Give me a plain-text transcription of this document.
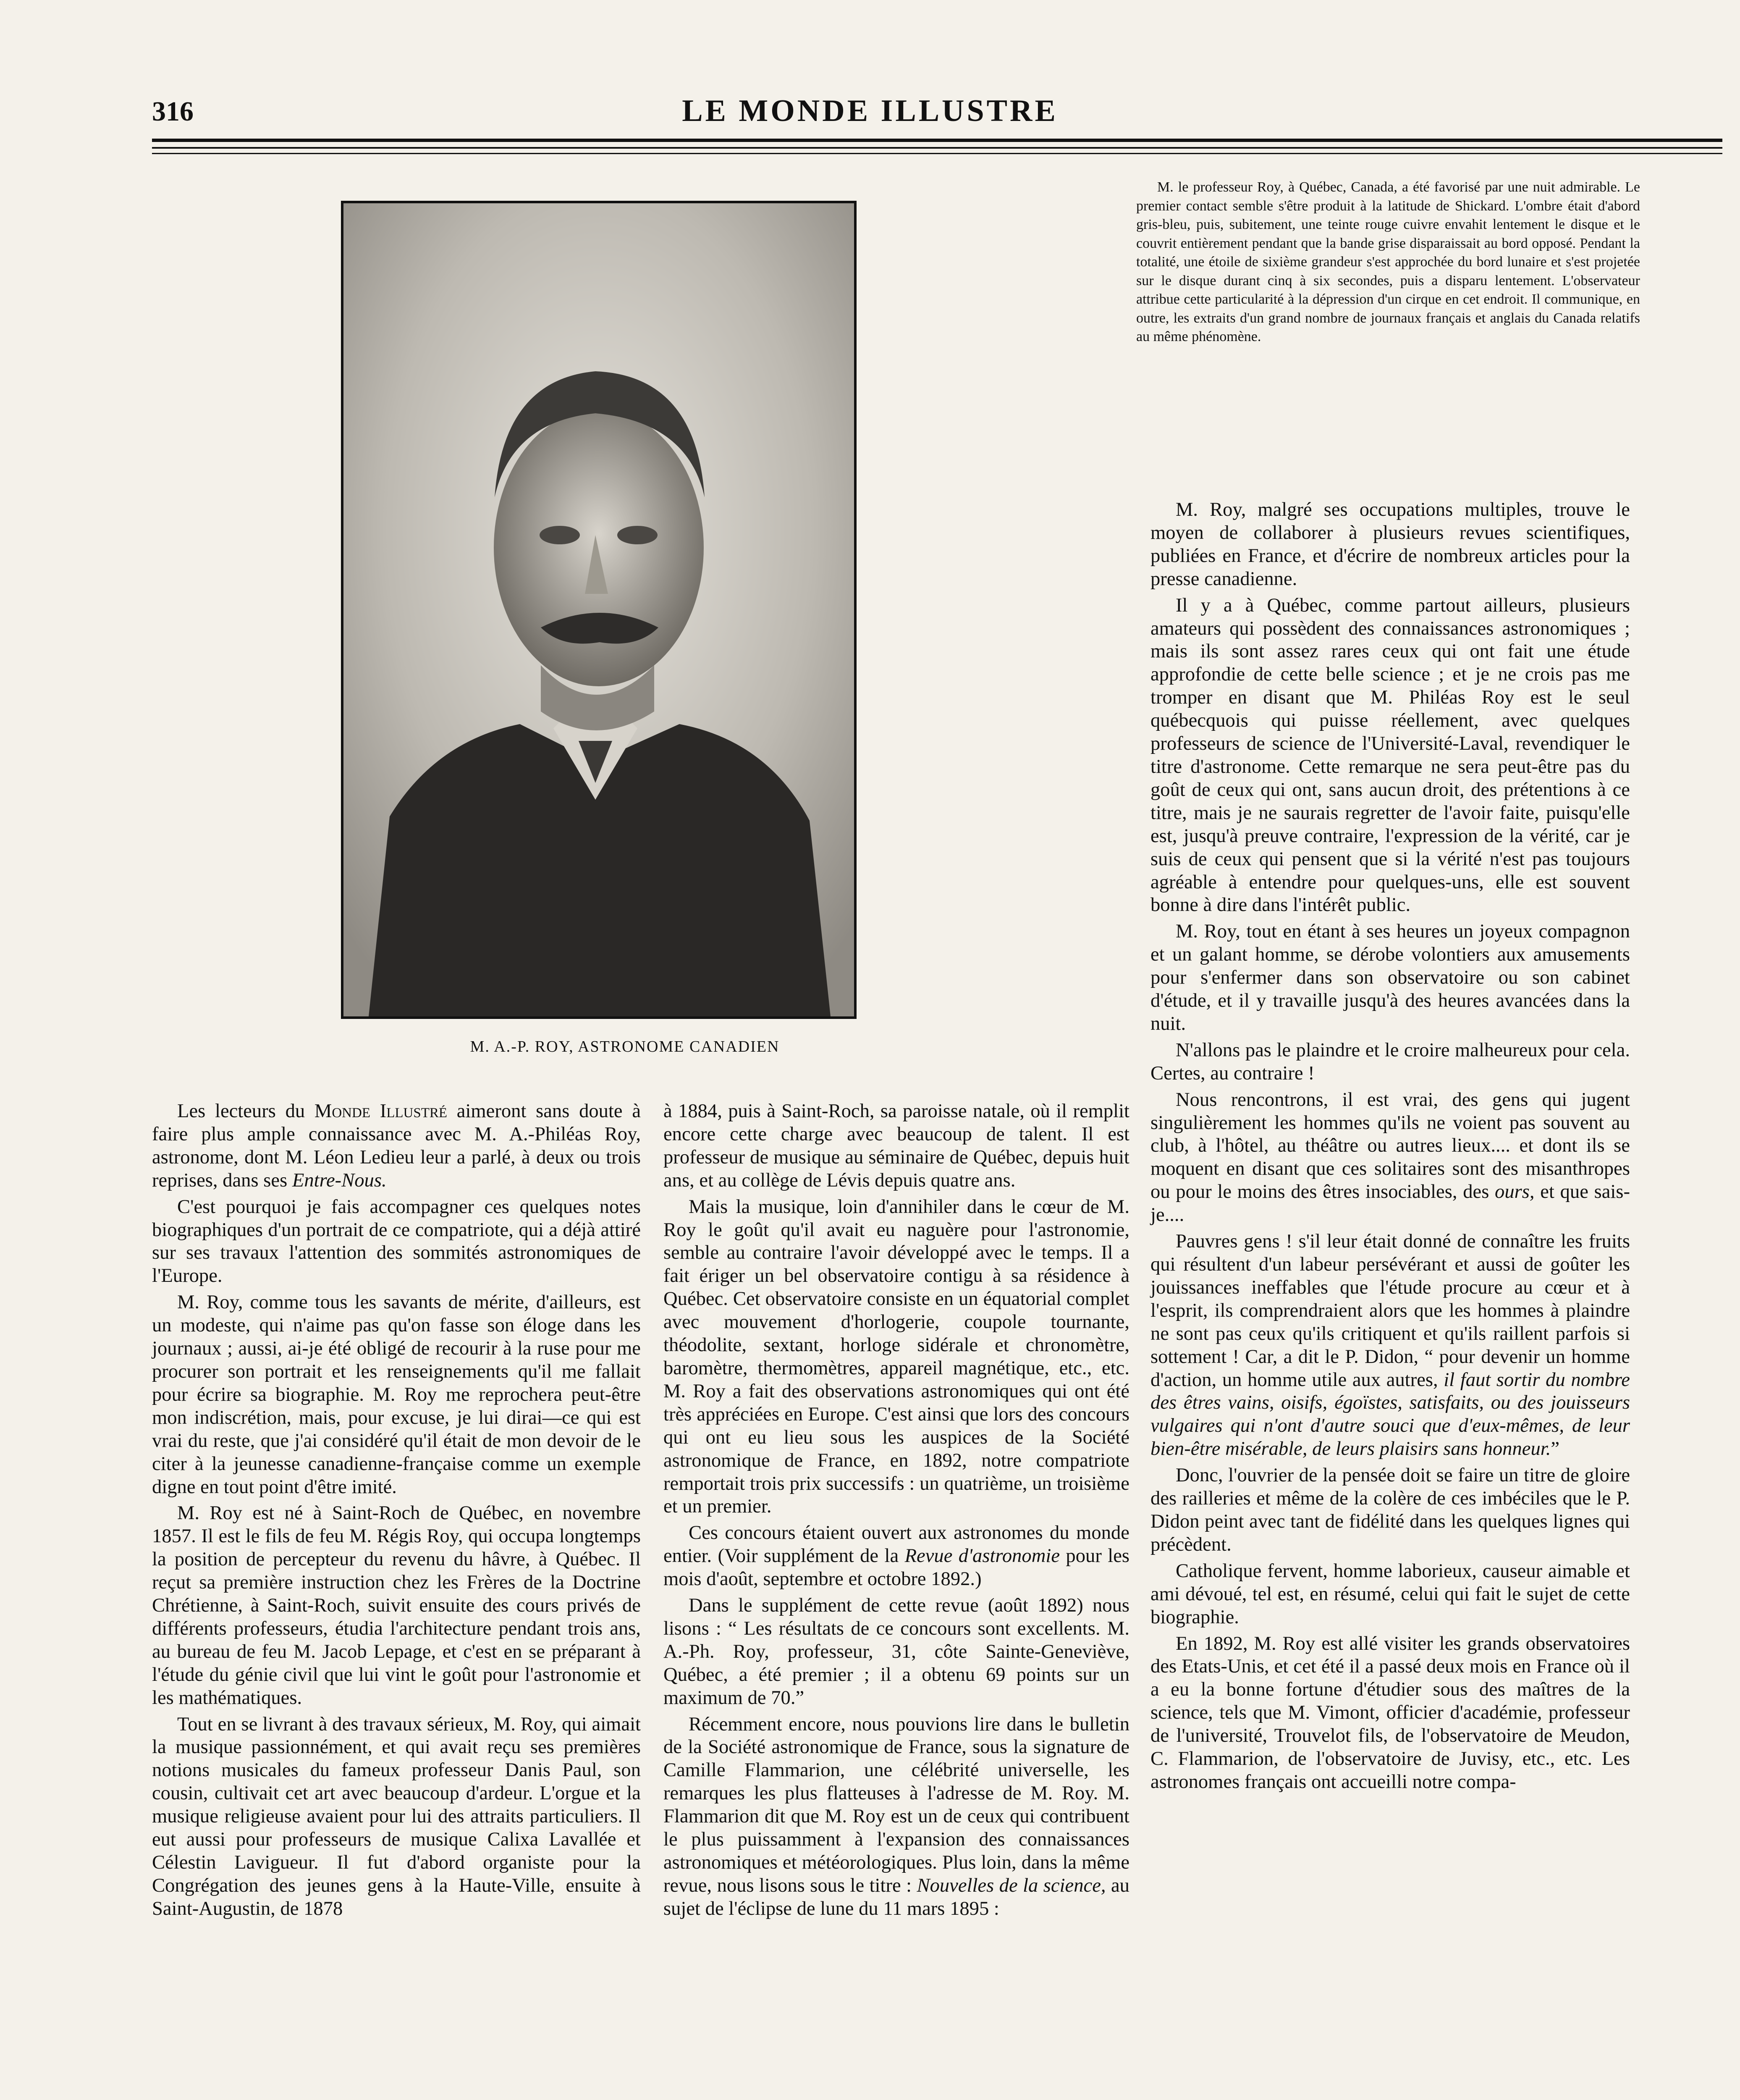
316	LE MONDE ILLUSTRE
M. A.-P. ROY, ASTRONOME CANADIEN

M. le professeur Roy, à Québec, Canada, a été favorisé par une nuit admirable. Le premier contact semble s'être produit à la latitude de Shickard. L'ombre était d'abord gris-bleu, puis, subitement, une teinte rouge cuivre envahit lentement le disque et le couvrit entièrement pendant que la bande grise disparaissait au bord opposé. Pendant la totalité, une étoile de sixième grandeur s'est approchée du bord lunaire et s'est projetée sur le disque durant cinq à six secondes, puis a disparu lentement. L'observateur attribue cette particularité à la dépression d'un cirque en cet endroit. Il communique, en outre, les extraits d'un grand nombre de journaux français et anglais du Canada relatifs au même phénomène.

Les lecteurs du Monde Illustré aimeront sans doute à faire plus ample connaissance avec M. A.-Philéas Roy, astronome, dont M. Léon Ledieu leur a parlé, à deux ou trois reprises, dans ses Entre-Nous.

C'est pourquoi je fais accompagner ces quelques notes biographiques d'un portrait de ce compatriote, qui a déjà attiré sur ses travaux l'attention des sommités astronomiques de l'Europe.

M. Roy, comme tous les savants de mérite, d'ailleurs, est un modeste, qui n'aime pas qu'on fasse son éloge dans les journaux ; aussi, ai-je été obligé de recourir à la ruse pour me procurer son portrait et les renseignements qu'il me fallait pour écrire sa biographie. M. Roy me reprochera peut-être mon indiscrétion, mais, pour excuse, je lui dirai—ce qui est vrai du reste, que j'ai considéré qu'il était de mon devoir de le citer à la jeunesse canadienne-française comme un exemple digne en tout point d'être imité.

M. Roy est né à Saint-Roch de Québec, en novembre 1857. Il est le fils de feu M. Régis Roy, qui occupa longtemps la position de percepteur du revenu du hâvre, à Québec. Il reçut sa première instruction chez les Frères de la Doctrine Chrétienne, à Saint-Roch, suivit ensuite des cours privés de différents professeurs, étudia l'architecture pendant trois ans, au bureau de feu M. Jacob Lepage, et c'est en se préparant à l'étude du génie civil que lui vint le goût pour l'astronomie et les mathématiques.

Tout en se livrant à des travaux sérieux, M. Roy, qui aimait la musique passionnément, et qui avait reçu ses premières notions musicales du fameux professeur Danis Paul, son cousin, cultivait cet art avec beaucoup d'ardeur. L'orgue et la musique religieuse avaient pour lui des attraits particuliers. Il eut aussi pour professeurs de musique Calixa Lavallée et Célestin Lavigueur. Il fut d'abord organiste pour la Congrégation des jeunes gens à la Haute-Ville, ensuite à Saint-Augustin, de 1878

à 1884, puis à Saint-Roch, sa paroisse natale, où il remplit encore cette charge avec beaucoup de talent. Il est professeur de musique au séminaire de Québec, depuis huit ans, et au collège de Lévis depuis quatre ans.

Mais la musique, loin d'annihiler dans le cœur de M. Roy le goût qu'il avait eu naguère pour l'astronomie, semble au contraire l'avoir développé avec le temps. Il a fait ériger un bel observatoire contigu à sa résidence à Québec. Cet observatoire consiste en un équatorial complet avec mouvement d'horlogerie, coupole tournante, théodolite, sextant, horloge sidérale et chronomètre, baromètre, thermomètres, appareil magnétique, etc., etc. M. Roy a fait des observations astronomiques qui ont été très appréciées en Europe. C'est ainsi que lors des concours qui ont eu lieu sous les auspices de la Société astronomique de France, en 1892, notre compatriote remportait trois prix successifs : un quatrième, un troisième et un premier.

Ces concours étaient ouvert aux astronomes du monde entier. (Voir supplément de la Revue d'astronomie pour les mois d'août, septembre et octobre 1892.)

Dans le supplément de cette revue (août 1892) nous lisons : “ Les résultats de ce concours sont excellents. M. A.-Ph. Roy, professeur, 31, côte Sainte-Geneviève, Québec, a été premier ; il a obtenu 69 points sur un maximum de 70.”

Récemment encore, nous pouvions lire dans le bulletin de la Société astronomique de France, sous la signature de Camille Flammarion, une célébrité universelle, les remarques les plus flatteuses à l'adresse de M. Roy. M. Flammarion dit que M. Roy est un de ceux qui contribuent le plus puissamment à l'expansion des connaissances astronomiques et météorologiques. Plus loin, dans la même revue, nous lisons sous le titre : Nouvelles de la science, au sujet de l'éclipse de lune du 11 mars 1895 :

M. Roy, malgré ses occupations multiples, trouve le moyen de collaborer à plusieurs revues scientifiques, publiées en France, et d'écrire de nombreux articles pour la presse canadienne.

Il y a à Québec, comme partout ailleurs, plusieurs amateurs qui possèdent des connaissances astronomiques ; mais ils sont assez rares ceux qui ont fait une étude approfondie de cette belle science ; et je ne crois pas me tromper en disant que M. Philéas Roy est le seul québecquois qui puisse réellement, avec quelques professeurs de science de l'Université-Laval, revendiquer le titre d'astronome. Cette remarque ne sera peut-être pas du goût de ceux qui ont, sans aucun droit, des prétentions à ce titre, mais je ne saurais regretter de l'avoir faite, puisqu'elle est, jusqu'à preuve contraire, l'expression de la vérité, car je suis de ceux qui pensent que si la vérité n'est pas toujours agréable à entendre pour quelques-uns, elle est souvent bonne à dire dans l'intérêt public.

M. Roy, tout en étant à ses heures un joyeux compagnon et un galant homme, se dérobe volontiers aux amusements pour s'enfermer dans son observatoire ou son cabinet d'étude, et il y travaille jusqu'à des heures avancées dans la nuit.

N'allons pas le plaindre et le croire malheureux pour cela. Certes, au contraire !

Nous rencontrons, il est vrai, des gens qui jugent singulièrement les hommes qu'ils ne voient pas souvent au club, à l'hôtel, au théâtre ou autres lieux.... et dont ils se moquent en disant que ces solitaires sont des misanthropes ou pour le moins des êtres insociables, des ours, et que sais-je....

Pauvres gens ! s'il leur était donné de connaître les fruits qui résultent d'un labeur persévérant et aussi de goûter les jouissances ineffables que l'étude procure au cœur et à l'esprit, ils comprendraient alors que les hommes à plaindre ne sont pas ceux qu'ils critiquent et qu'ils raillent parfois si sottement ! Car, a dit le P. Didon, “ pour devenir un homme d'action, un homme utile aux autres, il faut sortir du nombre des êtres vains, oisifs, égoïstes, satisfaits, ou des jouisseurs vulgaires qui n'ont d'autre souci que d'eux-mêmes, de leur bien-être misérable, de leurs plaisirs sans honneur.”

Donc, l'ouvrier de la pensée doit se faire un titre de gloire des railleries et même de la colère de ces imbéciles que le P. Didon peint avec tant de fidélité dans les quelques lignes qui précèdent.

Catholique fervent, homme laborieux, causeur aimable et ami dévoué, tel est, en résumé, celui qui fait le sujet de cette biographie.

En 1892, M. Roy est allé visiter les grands observatoires des Etats-Unis, et cet été il a passé deux mois en France où il a eu la bonne fortune d'étudier sous des maîtres de la science, tels que M. Vimont, officier d'académie, professeur de l'université, Trouvelot fils, de l'observatoire de Meudon, C. Flammarion, de l'observatoire de Juvisy, etc., etc. Les astronomes français ont accueilli notre compa-
